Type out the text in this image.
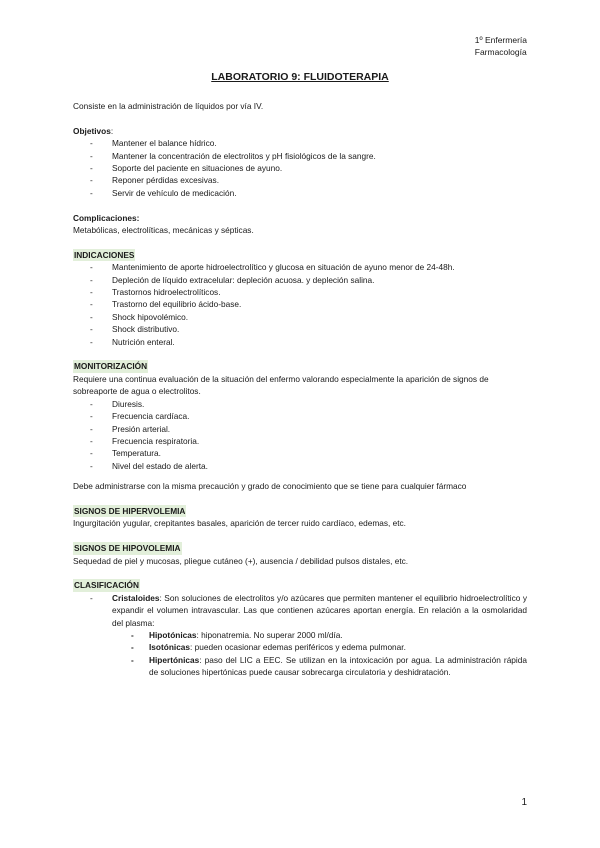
1º Enfermería
Farmacología
LABORATORIO 9: FLUIDOTERAPIA

Consiste en la administración de líquidos por vía IV.

Objetivos:

- Mantener el balance hídrico.
- Mantener la concentración de electrolitos y pH fisiológicos de la sangre.
- Soporte del paciente en situaciones de ayuno.
- Reponer pérdidas excesivas.
- Servir de vehículo de medicación.

Complicaciones:

Metabólicas, electrolíticas, mecánicas y sépticas.

INDICACIONES

- Mantenimiento de aporte hidroelectrolítico y glucosa en situación de ayuno menor de 24-48h.
- Depleción de líquido extracelular: depleción acuosa. y depleción salina.
- Trastornos hidroelectrolíticos.
- Trastorno del equilibrio ácido-base.
- Shock hipovolémico.
- Shock distributivo.
- Nutrición enteral.

MONITORIZACIÓN

Requiere una continua evaluación de la situación del enfermo valorando especialmente la aparición de signos de sobreaporte de agua o electrolitos.

- Diuresis.
- Frecuencia cardíaca.
- Presión arterial.
- Frecuencia respiratoria.
- Temperatura.
- Nivel del estado de alerta.

Debe administrarse con la misma precaución y grado de conocimiento que se tiene para cualquier fármaco

SIGNOS DE HIPERVOLEMIA

Ingurgitación yugular, crepitantes basales, aparición de tercer ruido cardíaco, edemas, etc.

SIGNOS DE HIPOVOLEMIA

Sequedad de piel y mucosas, pliegue cutáneo (+), ausencia / debilidad pulsos distales, etc.

CLASIFICACIÓN

- Cristaloides: Son soluciones de electrolitos y/o azúcares que permiten mantener el equilibrio hidroelectrolítico y expandir el volumen intravascular. Las que contienen azúcares aportan energía. En relación a la osmolaridad del plasma:
- Hipotónicas: hiponatremia. No superar 2000 ml/día.
- Isotónicas: pueden ocasionar edemas periféricos y edema pulmonar.
- Hipertónicas: paso del LIC a EEC. Se utilizan en la intoxicación por agua. La administración rápida de soluciones hipertónicas puede causar sobrecarga circulatoria y deshidratación.
1
